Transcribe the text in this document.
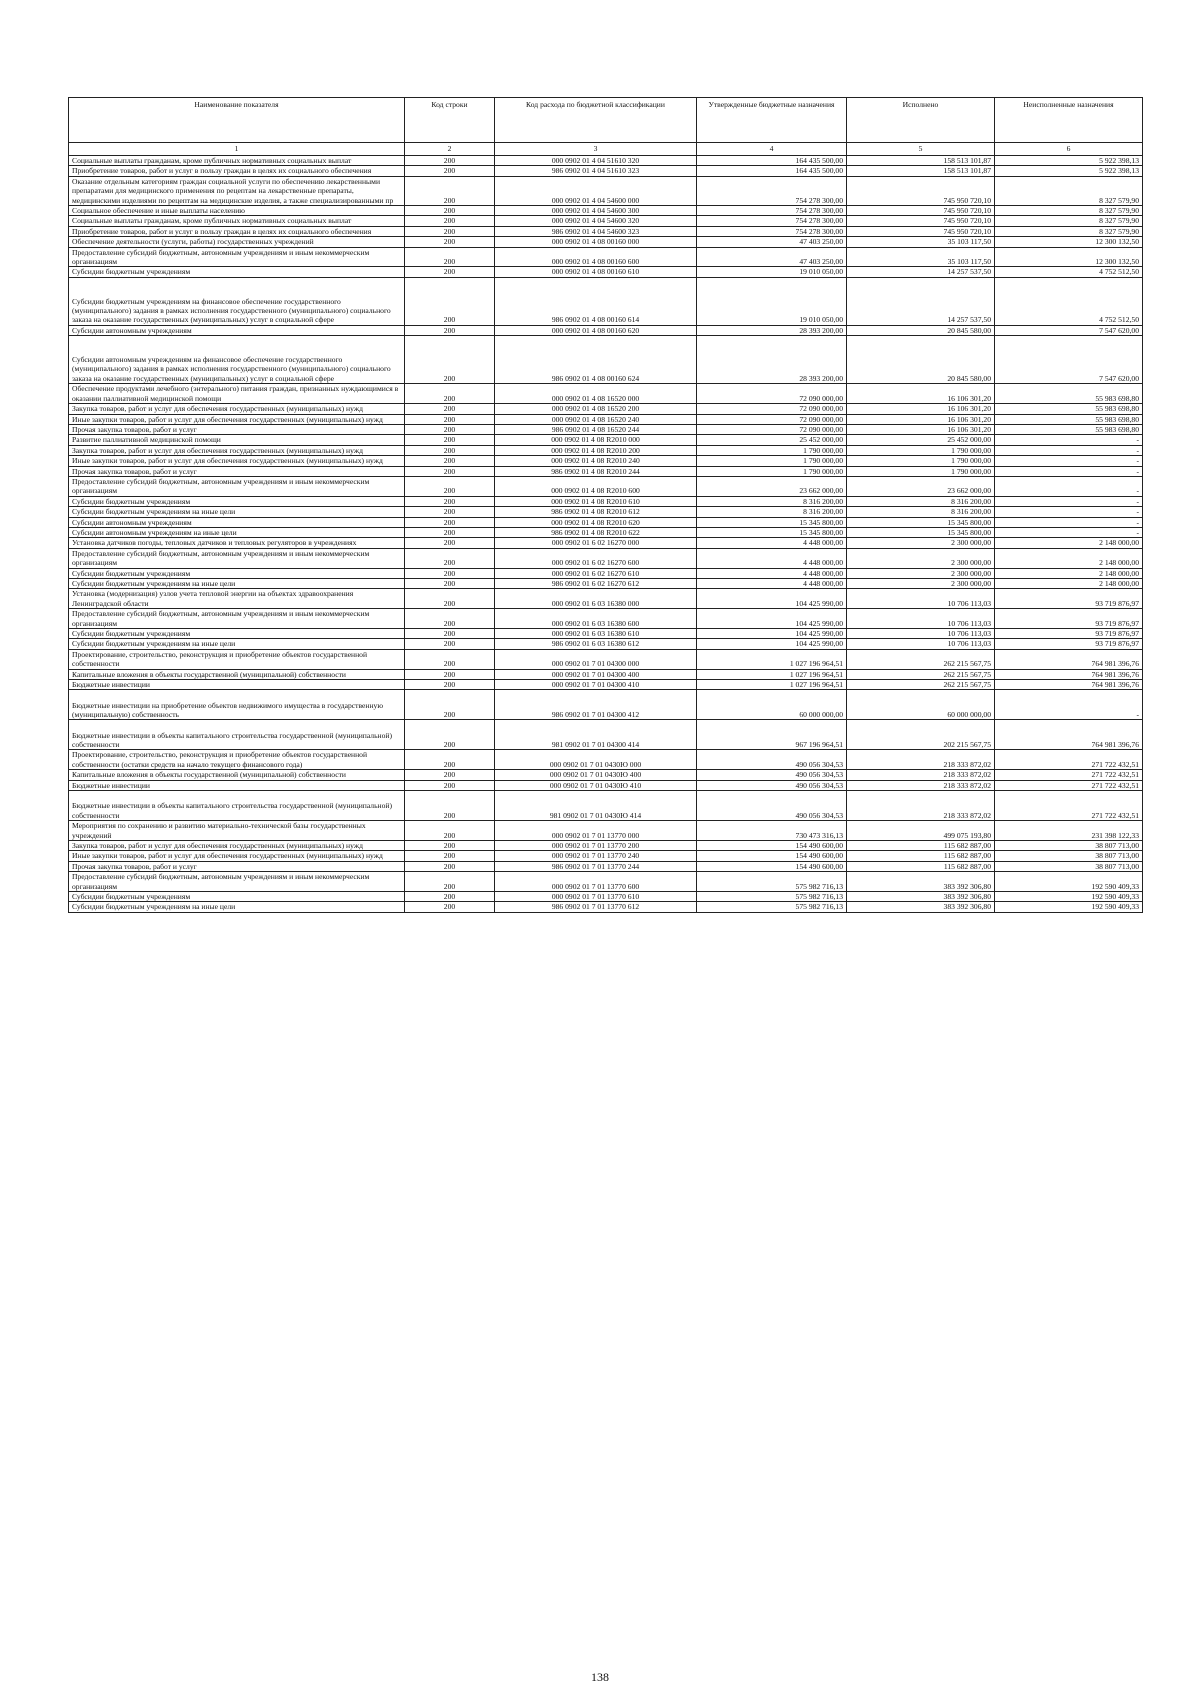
Наименование показателя	Код строки	Код расхода по бюджетной классификации	Утвержденные бюджетные назначения	Исполнено	Неисполненные назначения
1	2	3	4	5	6
Социальные выплаты гражданам, кроме публичных нормативных социальных выплат	200	000 0902 01 4 04 51610 320	164 435 500,00	158 513 101,87	5 922 398,13
Приобретение товаров, работ и услуг в пользу граждан в целях их социального обеспечения	200	986 0902 01 4 04 51610 323	164 435 500,00	158 513 101,87	5 922 398,13
Оказание отдельным категориям граждан социальной услуги по обеспечению лекарственными препаратами для медицинского применения по рецептам на лекарственные препараты, медицинскими изделиями по рецептам на медицинские изделия, а также специализированными пр	200	000 0902 01 4 04 54600 000	754 278 300,00	745 950 720,10	8 327 579,90
Социальное обеспечение и иные выплаты населению	200	000 0902 01 4 04 54600 300	754 278 300,00	745 950 720,10	8 327 579,90
Социальные выплаты гражданам, кроме публичных нормативных социальных выплат	200	000 0902 01 4 04 54600 320	754 278 300,00	745 950 720,10	8 327 579,90
Приобретение товаров, работ и услуг в пользу граждан в целях их социального обеспечения	200	986 0902 01 4 04 54600 323	754 278 300,00	745 950 720,10	8 327 579,90
Обеспечение деятельности (услуги, работы) государственных учреждений	200	000 0902 01 4 08 00160 000	47 403 250,00	35 103 117,50	12 300 132,50
Предоставление субсидий бюджетным, автономным учреждениям и иным некоммерческим организациям	200	000 0902 01 4 08 00160 600	47 403 250,00	35 103 117,50	12 300 132,50
Субсидии бюджетным учреждениям	200	000 0902 01 4 08 00160 610	19 010 050,00	14 257 537,50	4 752 512,50
Субсидии бюджетным учреждениям на финансовое обеспечение государственного (муниципального) задания в рамках исполнения государственного (муниципального) социального заказа на оказание государственных (муниципальных) услуг в социальной сфере	200	986 0902 01 4 08 00160 614	19 010 050,00	14 257 537,50	4 752 512,50
Субсидии автономным учреждениям	200	000 0902 01 4 08 00160 620	28 393 200,00	20 845 580,00	7 547 620,00
Субсидии автономным учреждениям на финансовое обеспечение государственного (муниципального) задания в рамках исполнения государственного (муниципального) социального заказа на оказание государственных (муниципальных) услуг в социальной сфере	200	986 0902 01 4 08 00160 624	28 393 200,00	20 845 580,00	7 547 620,00
Обеспечение продуктами лечебного (энтерального) питания граждан, признанных нуждающимися в оказании паллиативной медицинской помощи	200	000 0902 01 4 08 16520 000	72 090 000,00	16 106 301,20	55 983 698,80
Закупка товаров, работ и услуг для обеспечения государственных (муниципальных) нужд	200	000 0902 01 4 08 16520 200	72 090 000,00	16 106 301,20	55 983 698,80
Иные закупки товаров, работ и услуг для обеспечения государственных (муниципальных) нужд	200	000 0902 01 4 08 16520 240	72 090 000,00	16 106 301,20	55 983 698,80
Прочая закупка товаров, работ и услуг	200	986 0902 01 4 08 16520 244	72 090 000,00	16 106 301,20	55 983 698,80
Развитие паллиативной медицинской помощи	200	000 0902 01 4 08 R2010 000	25 452 000,00	25 452 000,00	-
Закупка товаров, работ и услуг для обеспечения государственных (муниципальных) нужд	200	000 0902 01 4 08 R2010 200	1 790 000,00	1 790 000,00	-
Иные закупки товаров, работ и услуг для обеспечения государственных (муниципальных) нужд	200	000 0902 01 4 08 R2010 240	1 790 000,00	1 790 000,00	-
Прочая закупка товаров, работ и услуг	200	986 0902 01 4 08 R2010 244	1 790 000,00	1 790 000,00	-
Предоставление субсидий бюджетным, автономным учреждениям и иным некоммерческим организациям	200	000 0902 01 4 08 R2010 600	23 662 000,00	23 662 000,00	-
Субсидии бюджетным учреждениям	200	000 0902 01 4 08 R2010 610	8 316 200,00	8 316 200,00	-
Субсидии бюджетным учреждениям на иные цели	200	986 0902 01 4 08 R2010 612	8 316 200,00	8 316 200,00	-
Субсидии автономным учреждениям	200	000 0902 01 4 08 R2010 620	15 345 800,00	15 345 800,00	-
Субсидии автономным учреждениям на иные цели	200	986 0902 01 4 08 R2010 622	15 345 800,00	15 345 800,00	-
Установка датчиков погоды, тепловых датчиков и тепловых регуляторов в учреждениях	200	000 0902 01 6 02 16270 000	4 448 000,00	2 300 000,00	2 148 000,00
Предоставление субсидий бюджетным, автономным учреждениям и иным некоммерческим организациям	200	000 0902 01 6 02 16270 600	4 448 000,00	2 300 000,00	2 148 000,00
Субсидии бюджетным учреждениям	200	000 0902 01 6 02 16270 610	4 448 000,00	2 300 000,00	2 148 000,00
Субсидии бюджетным учреждениям на иные цели	200	986 0902 01 6 02 16270 612	4 448 000,00	2 300 000,00	2 148 000,00
Установка (модернизация) узлов учета тепловой энергии на объектах здравоохранения Ленинградской области	200	000 0902 01 6 03 16380 000	104 425 990,00	10 706 113,03	93 719 876,97
Предоставление субсидий бюджетным, автономным учреждениям и иным некоммерческим организациям	200	000 0902 01 6 03 16380 600	104 425 990,00	10 706 113,03	93 719 876,97
Субсидии бюджетным учреждениям	200	000 0902 01 6 03 16380 610	104 425 990,00	10 706 113,03	93 719 876,97
Субсидии бюджетным учреждениям на иные цели	200	986 0902 01 6 03 16380 612	104 425 990,00	10 706 113,03	93 719 876,97
Проектирование, строительство, реконструкция и приобретение объектов государственной собственности	200	000 0902 01 7 01 04300 000	1 027 196 964,51	262 215 567,75	764 981 396,76
Капитальные вложения в объекты государственной (муниципальной) собственности	200	000 0902 01 7 01 04300 400	1 027 196 964,51	262 215 567,75	764 981 396,76
Бюджетные инвестиции	200	000 0902 01 7 01 04300 410	1 027 196 964,51	262 215 567,75	764 981 396,76
Бюджетные инвестиции на приобретение объектов недвижимого имущества в государственную (муниципальную) собственность	200	986 0902 01 7 01 04300 412	60 000 000,00	60 000 000,00	-
Бюджетные инвестиции в объекты капитального строительства государственной (муниципальной) собственности	200	981 0902 01 7 01 04300 414	967 196 964,51	202 215 567,75	764 981 396,76
Проектирование, строительство, реконструкция и приобретение объектов государственной собственности (остатки средств на начало текущего финансового года)	200	000 0902 01 7 01 0430Ю 000	490 056 304,53	218 333 872,02	271 722 432,51
Капитальные вложения в объекты государственной (муниципальной) собственности	200	000 0902 01 7 01 0430Ю 400	490 056 304,53	218 333 872,02	271 722 432,51
Бюджетные инвестиции	200	000 0902 01 7 01 0430Ю 410	490 056 304,53	218 333 872,02	271 722 432,51
Бюджетные инвестиции в объекты капитального строительства государственной (муниципальной) собственности	200	981 0902 01 7 01 0430Ю 414	490 056 304,53	218 333 872,02	271 722 432,51
Мероприятия по сохранению и развитию материально-технической базы государственных учреждений	200	000 0902 01 7 01 13770 000	730 473 316,13	499 075 193,80	231 398 122,33
Закупка товаров, работ и услуг для обеспечения государственных (муниципальных) нужд	200	000 0902 01 7 01 13770 200	154 490 600,00	115 682 887,00	38 807 713,00
Иные закупки товаров, работ и услуг для обеспечения государственных (муниципальных) нужд	200	000 0902 01 7 01 13770 240	154 490 600,00	115 682 887,00	38 807 713,00
Прочая закупка товаров, работ и услуг	200	986 0902 01 7 01 13770 244	154 490 600,00	115 682 887,00	38 807 713,00
Предоставление субсидий бюджетным, автономным учреждениям и иным некоммерческим организациям	200	000 0902 01 7 01 13770 600	575 982 716,13	383 392 306,80	192 590 409,33
Субсидии бюджетным учреждениям	200	000 0902 01 7 01 13770 610	575 982 716,13	383 392 306,80	192 590 409,33
Субсидии бюджетным учреждениям на иные цели	200	986 0902 01 7 01 13770 612	575 982 716,13	383 392 306,80	192 590 409,33
138
